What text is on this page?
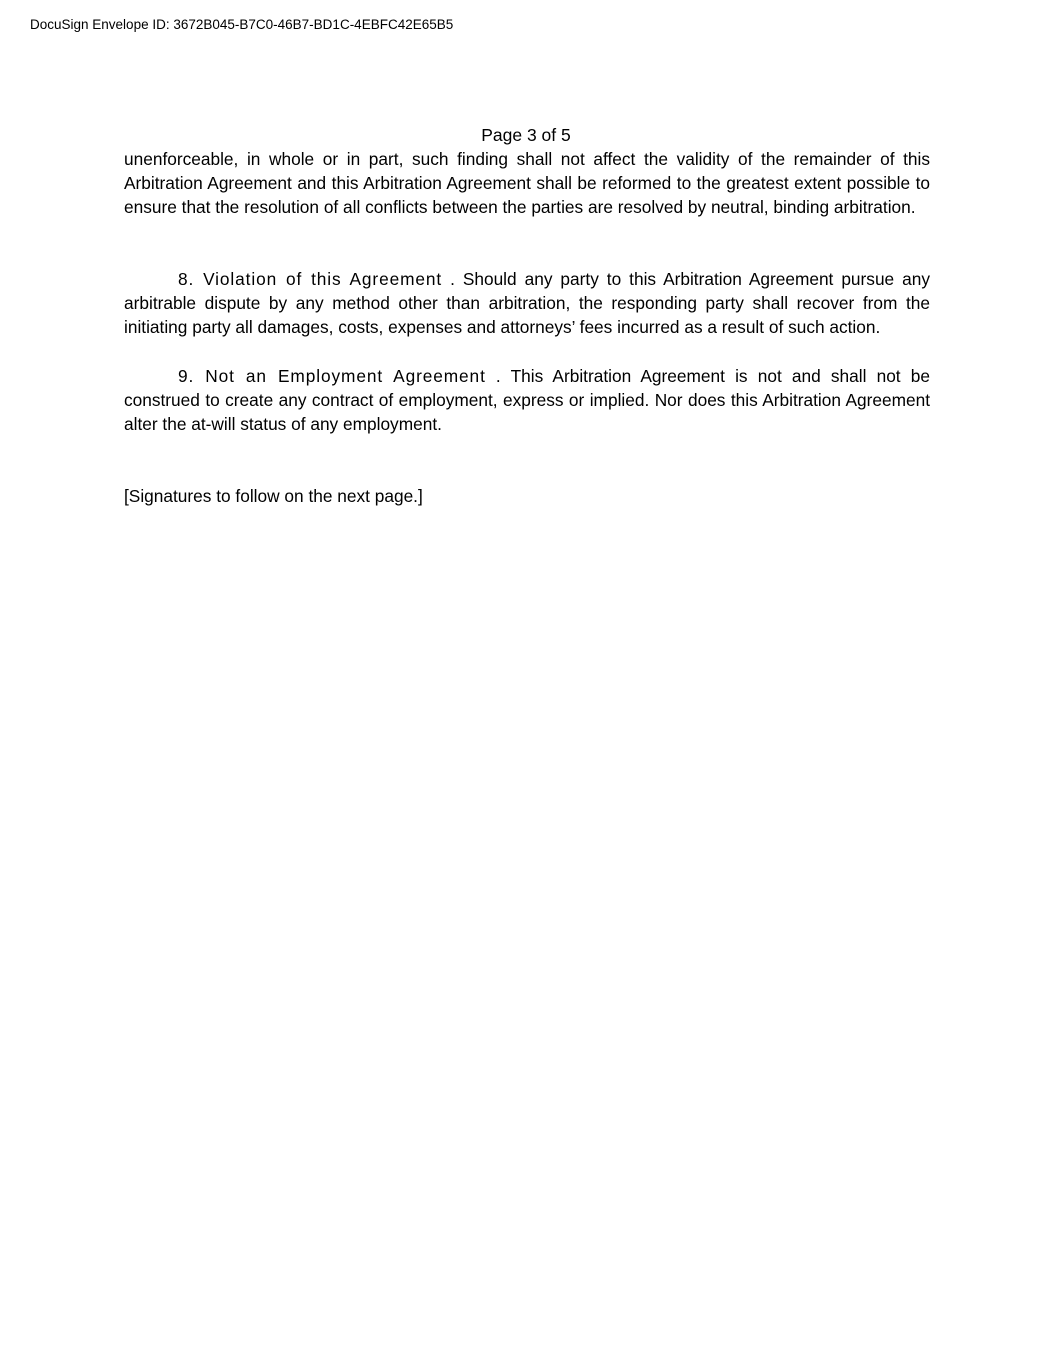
DocuSign Envelope ID: 3672B045-B7C0-46B7-BD1C-4EBFC42E65B5
Page 3 of 5
unenforceable, in whole or in part, such finding shall not affect the validity of the remainder of this Arbitration Agreement and this Arbitration Agreement shall be reformed to the greatest extent possible to ensure that the resolution of all conflicts between the parties are resolved by neutral, binding arbitration.
8. Violation of this Agreement . Should any party to this Arbitration Agreement pursue any arbitrable dispute by any method other than arbitration, the responding party shall recover from the initiating party all damages, costs, expenses and attorneys’ fees incurred as a result of such action.
9. Not an Employment Agreement . This Arbitration Agreement is not and shall not be construed to create any contract of employment, express or implied. Nor does this Arbitration Agreement alter the at-will status of any employment.
[Signatures to follow on the next page.]
